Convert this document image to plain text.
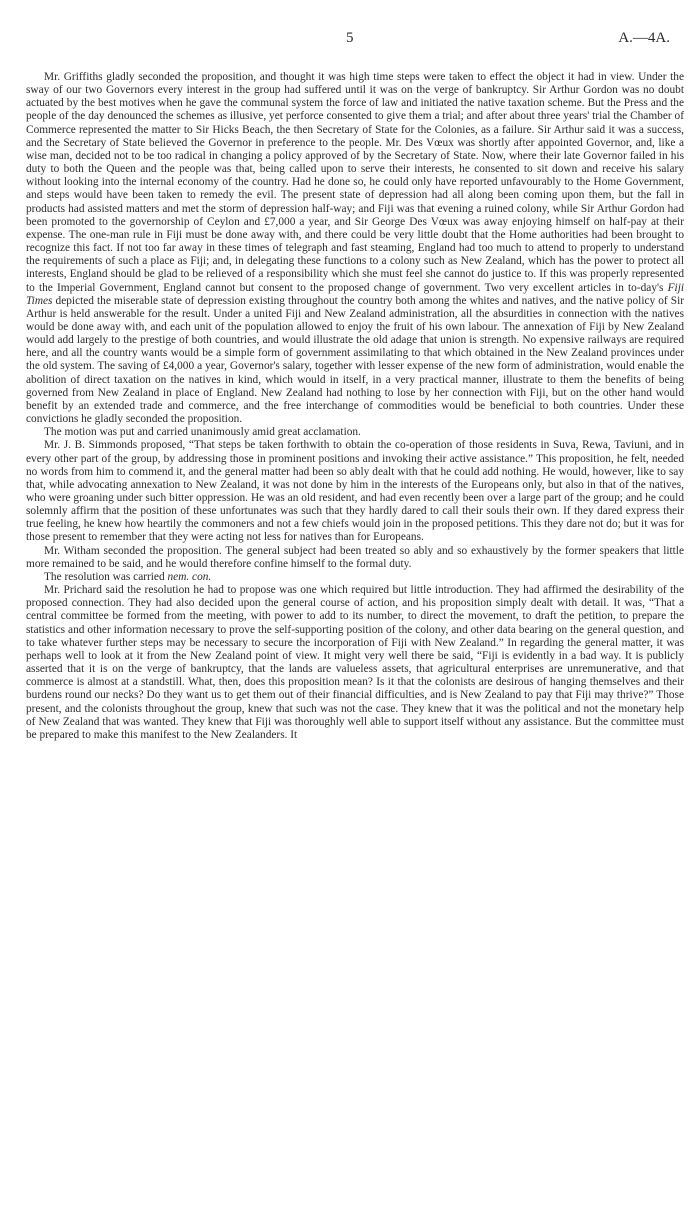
5	A.—4A.

Mr. Griffiths gladly seconded the proposition, and thought it was high time steps were taken to effect the object it had in view. Under the sway of our two Governors every interest in the group had suffered until it was on the verge of bankruptcy. Sir Arthur Gordon was no doubt actuated by the best motives when he gave the communal system the force of law and initiated the native taxation scheme. But the Press and the people of the day denounced the schemes as illusive, yet perforce consented to give them a trial; and after about three years' trial the Chamber of Commerce represented the matter to Sir Hicks Beach, the then Secretary of State for the Colonies, as a failure. Sir Arthur said it was a success, and the Secretary of State believed the Governor in preference to the people. Mr. Des Vœux was shortly after appointed Governor, and, like a wise man, decided not to be too radical in changing a policy approved of by the Secretary of State. Now, where their late Governor failed in his duty to both the Queen and the people was that, being called upon to serve their interests, he consented to sit down and receive his salary without looking into the internal economy of the country. Had he done so, he could only have reported unfavourably to the Home Government, and steps would have been taken to remedy the evil. The present state of depression had all along been coming upon them, but the fall in products had assisted matters and met the storm of depression half-way; and Fiji was that evening a ruined colony, while Sir Arthur Gordon had been promoted to the governorship of Ceylon and £7,000 a year, and Sir George Des Vœux was away enjoying himself on half-pay at their expense. The one-man rule in Fiji must be done away with, and there could be very little doubt that the Home authorities had been brought to recognize this fact. If not too far away in these times of telegraph and fast steaming, England had too much to attend to properly to understand the requirements of such a place as Fiji; and, in delegating these functions to a colony such as New Zealand, which has the power to protect all interests, England should be glad to be relieved of a responsibility which she must feel she cannot do justice to. If this was properly represented to the Imperial Government, England cannot but consent to the proposed change of government. Two very excellent articles in to-day's Fiji Times depicted the miserable state of depression existing throughout the country both among the whites and natives, and the native policy of Sir Arthur is held answerable for the result. Under a united Fiji and New Zealand administration, all the absurdities in connection with the natives would be done away with, and each unit of the population allowed to enjoy the fruit of his own labour. The annexation of Fiji by New Zealand would add largely to the prestige of both countries, and would illustrate the old adage that union is strength. No expensive railways are required here, and all the country wants would be a simple form of government assimilating to that which obtained in the New Zealand provinces under the old system. The saving of £4,000 a year, Governor's salary, together with lesser expense of the new form of administration, would enable the abolition of direct taxation on the natives in kind, which would in itself, in a very practical manner, illustrate to them the benefits of being governed from New Zealand in place of England. New Zealand had nothing to lose by her connection with Fiji, but on the other hand would benefit by an extended trade and commerce, and the free interchange of commodities would be beneficial to both countries. Under these convictions he gladly seconded the proposition.

The motion was put and carried unanimously amid great acclamation.

Mr. J. B. Simmonds proposed, “That steps be taken forthwith to obtain the co-operation of those residents in Suva, Rewa, Taviuni, and in every other part of the group, by addressing those in prominent positions and invoking their active assistance.” This proposition, he felt, needed no words from him to commend it, and the general matter had been so ably dealt with that he could add nothing. He would, however, like to say that, while advocating annexation to New Zealand, it was not done by him in the interests of the Europeans only, but also in that of the natives, who were groaning under such bitter oppression. He was an old resident, and had even recently been over a large part of the group; and he could solemnly affirm that the position of these unfortunates was such that they hardly dared to call their souls their own. If they dared express their true feeling, he knew how heartily the commoners and not a few chiefs would join in the proposed petitions. This they dare not do; but it was for those present to remember that they were acting not less for natives than for Europeans.

Mr. Witham seconded the proposition. The general subject had been treated so ably and so exhaustively by the former speakers that little more remained to be said, and he would therefore confine himself to the formal duty.

The resolution was carried nem. con.

Mr. Prichard said the resolution he had to propose was one which required but little introduction. They had affirmed the desirability of the proposed connection. They had also decided upon the general course of action, and his proposition simply dealt with detail. It was, “That a central committee be formed from the meeting, with power to add to its number, to direct the movement, to draft the petition, to prepare the statistics and other information necessary to prove the self-supporting position of the colony, and other data bearing on the general question, and to take whatever further steps may be necessary to secure the incorporation of Fiji with New Zealand.” In regarding the general matter, it was perhaps well to look at it from the New Zealand point of view. It might very well there be said, “Fiji is evidently in a bad way. It is publicly asserted that it is on the verge of bankruptcy, that the lands are valueless assets, that agricultural enterprises are unremunerative, and that commerce is almost at a standstill. What, then, does this proposition mean? Is it that the colonists are desirous of hanging themselves and their burdens round our necks? Do they want us to get them out of their financial difficulties, and is New Zealand to pay that Fiji may thrive?” Those present, and the colonists throughout the group, knew that such was not the case. They knew that it was the political and not the monetary help of New Zealand that was wanted. They knew that Fiji was thoroughly well able to support itself without any assistance. But the committee must be prepared to make this manifest to the New Zealanders. It
